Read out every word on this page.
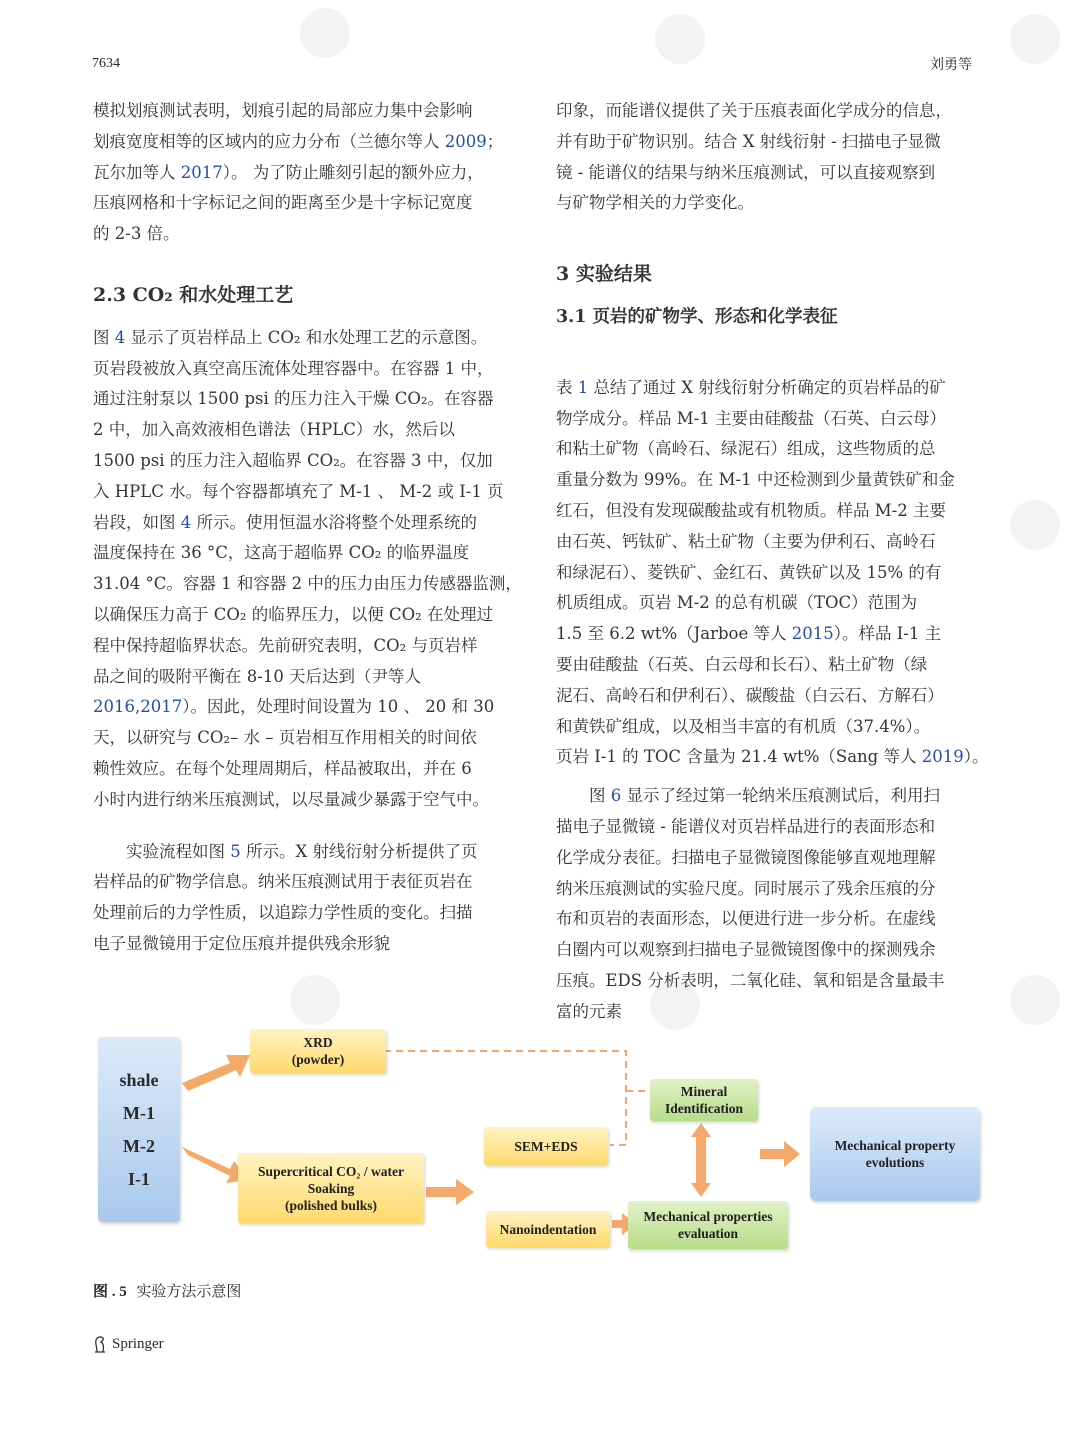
7634	刘勇等

模拟划痕测试表明，划痕引起的局部应力集中会影响
划痕宽度相等的区域内的应力分布（兰德尔等人 2009；
瓦尔加等人 2017）。 为了防止雕刻引起的额外应力，
压痕网格和十字标记之间的距离至少是十字标记宽度
的 2-3 倍。

2.3 CO₂ 和水处理工艺

图 4 显示了页岩样品上 CO₂ 和水处理工艺的示意图。
页岩段被放入真空高压流体处理容器中。在容器 1 中，
通过注射泵以 1500 psi 的压力注入干燥 CO₂。在容器
2 中，加入高效液相色谱法（HPLC）水，然后以
1500 psi 的压力注入超临界 CO₂。在容器 3 中，仅加
入 HPLC 水。每个容器都填充了 M-1 、 M-2 或 I-1 页
岩段，如图 4 所示。使用恒温水浴将整个处理系统的
温度保持在 36 °C，这高于超临界 CO₂ 的临界温度
31.04 °C。容器 1 和容器 2 中的压力由压力传感器监测，
以确保压力高于 CO₂ 的临界压力，以便 CO₂ 在处理过
程中保持超临界状态。先前研究表明，CO₂ 与页岩样
品之间的吸附平衡在 8-10 天后达到（尹等人
2016,2017）。因此，处理时间设置为 10 、 20 和 30
天，以研究与 CO₂– 水 – 页岩相互作用相关的时间依
赖性效应。在每个处理周期后，样品被取出，并在 6
小时内进行纳米压痕测试，以尽量减少暴露于空气中。

实验流程如图 5 所示。X 射线衍射分析提供了页
岩样品的矿物学信息。纳米压痕测试用于表征页岩在
处理前后的力学性质，以追踪力学性质的变化。扫描
电子显微镜用于定位压痕并提供残余形貌

印象，而能谱仪提供了关于压痕表面化学成分的信息，
并有助于矿物识别。结合 X 射线衍射 - 扫描电子显微
镜 - 能谱仪的结果与纳米压痕测试，可以直接观察到
与矿物学相关的力学变化。

3 实验结果

3.1 页岩的矿物学、形态和化学表征

表 1 总结了通过 X 射线衍射分析确定的页岩样品的矿
物学成分。样品 M-1 主要由硅酸盐（石英、白云母）
和粘土矿物（高岭石、绿泥石）组成，这些物质的总
重量分数为 99%。在 M-1 中还检测到少量黄铁矿和金
红石，但没有发现碳酸盐或有机物质。样品 M-2 主要
由石英、钙钛矿、粘土矿物（主要为伊利石、高岭石
和绿泥石）、菱铁矿、金红石、黄铁矿以及 15% 的有
机质组成。页岩 M-2 的总有机碳（TOC）范围为
1.5 至 6.2 wt%（Jarboe 等人 2015）。样品 I-1 主
要由硅酸盐（石英、白云母和长石）、粘土矿物（绿
泥石、高岭石和伊利石）、碳酸盐（白云石、方解石）
和黄铁矿组成，以及相当丰富的有机质（37.4%）。
页岩 I-1 的 TOC 含量为 21.4 wt%（Sang 等人 2019）。

图 6 显示了经过第一轮纳米压痕测试后，利用扫
描电子显微镜 - 能谱仪对页岩样品进行的表面形态和
化学成分表征。扫描电子显微镜图像能够直观地理解
纳米压痕测试的实验尺度。同时展示了残余压痕的分
布和页岩的表面形态，以便进行进一步分析。在虚线
白圈内可以观察到扫描电子显微镜图像中的探测残余
压痕。EDS 分析表明，二氧化硅、氧和铝是含量最丰
富的元素

shale
M-1
M-2
I-1
XRD
(powder)
Supercritical CO₂ / water
Soaking
(polished bulks)
SEM+EDS
Nanoindentation
Mineral
Identification
Mechanical properties
evaluation
Mechanical property
evolutions
图 . 5 实验方法示意图
Springer
